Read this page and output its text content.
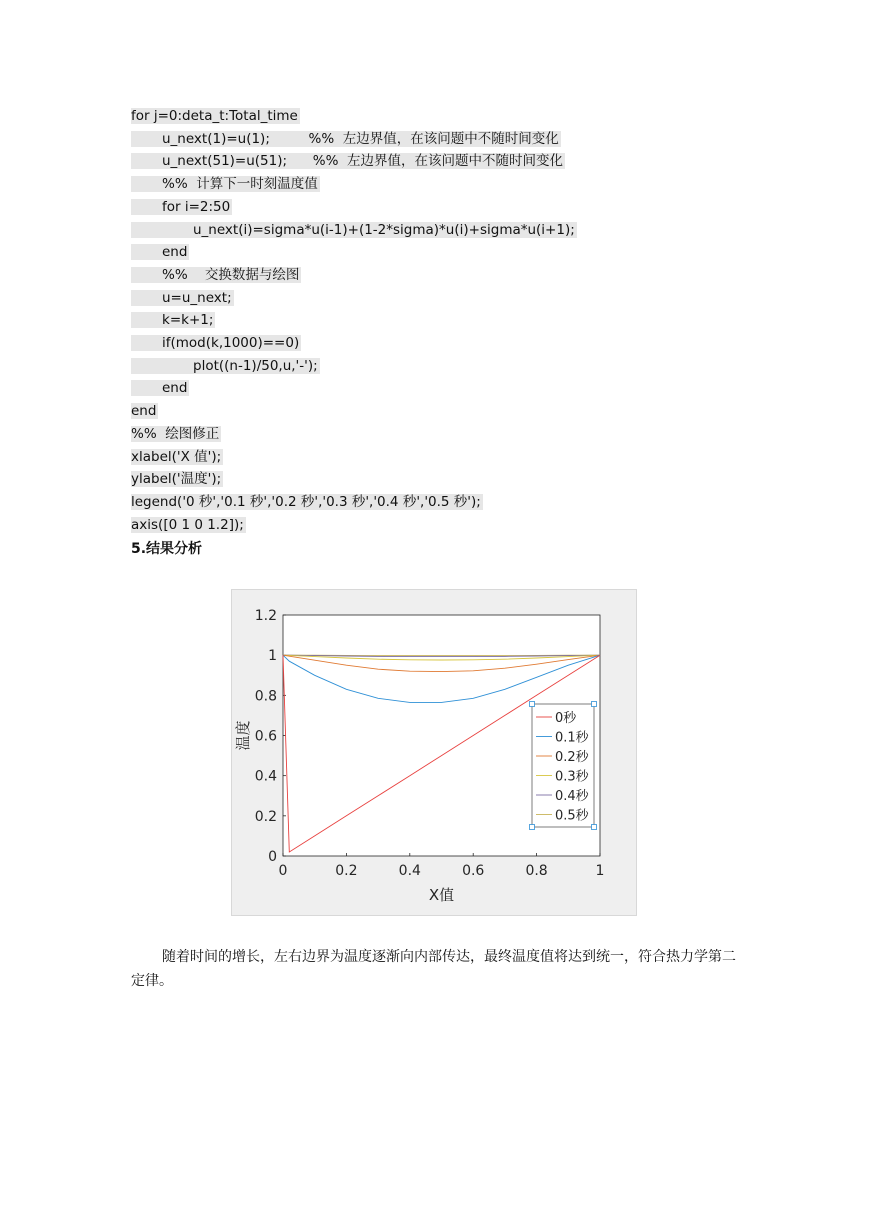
for j=0:deta_t:Total_time
u_next(1)=u(1);         %%  左边界值，在该问题中不随时间变化
u_next(51)=u(51);      %%  左边界值，在该问题中不随时间变化
%%  计算下一时刻温度值
for i=2:50
u_next(i)=sigma*u(i-1)+(1-2*sigma)*u(i)+sigma*u(i+1);
end
%%    交换数据与绘图
u=u_next;
k=k+1;
if(mod(k,1000)==0)
plot((n-1)/50,u,'-');
end
end
%%  绘图修正
xlabel('X 值');
ylabel('温度');
legend('0 秒','0.1 秒','0.2 秒','0.3 秒','0.4 秒','0.5 秒');
axis([0 1 0 1.2]);
5.结果分析
0	0.2	0.4	0.6	0.8	1
0
0.2
0.4
0.6
0.8
1
1.2
X值
温度
0秒
0.1秒
0.2秒
0.3秒
0.4秒
0.5秒
随着时间的增长，左右边界为温度逐渐向内部传达，最终温度值将达到统一，符合热力学第二定律。
